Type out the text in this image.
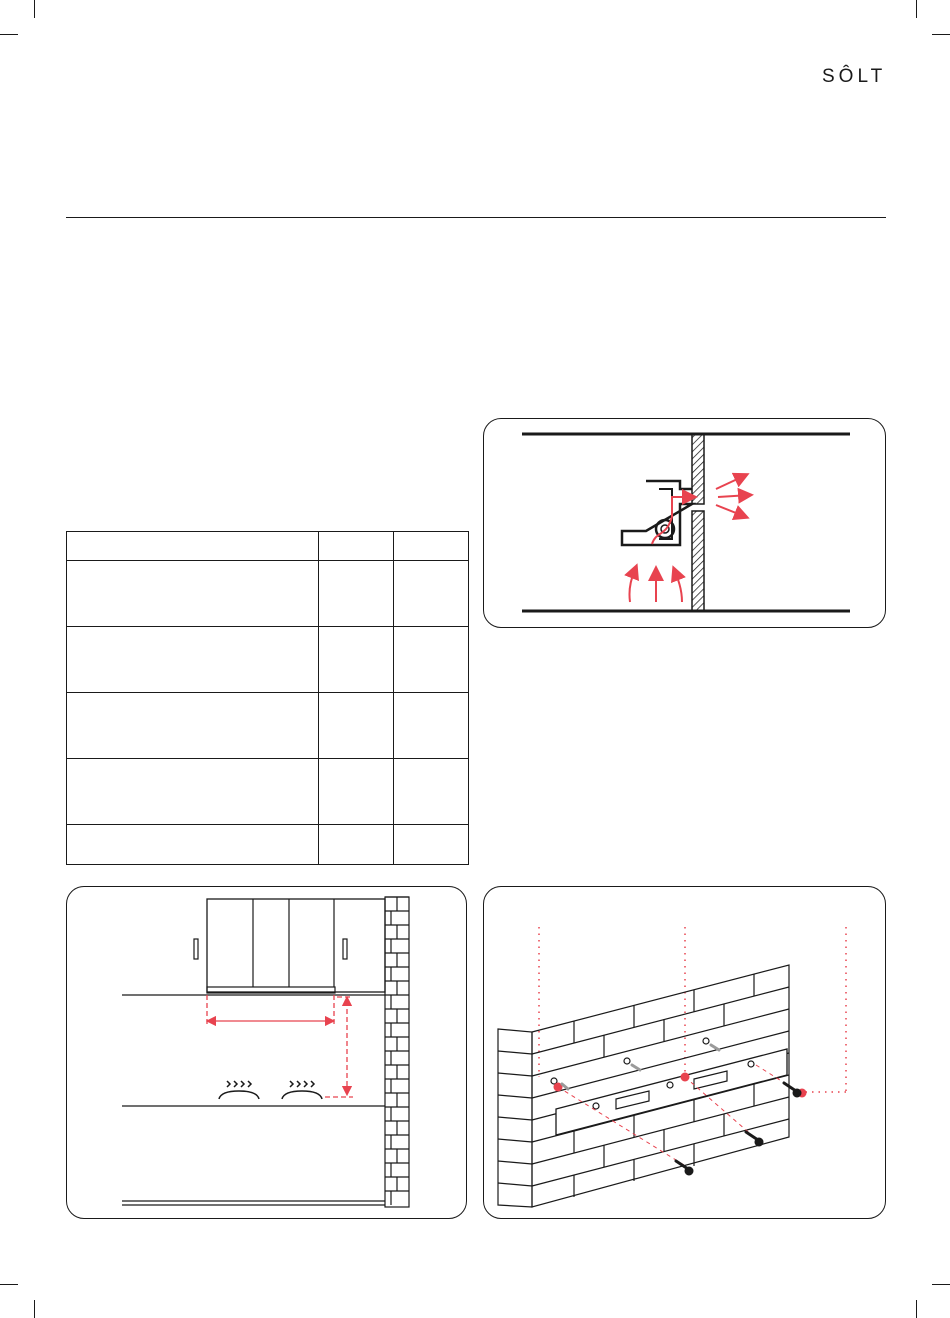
SÔLT
